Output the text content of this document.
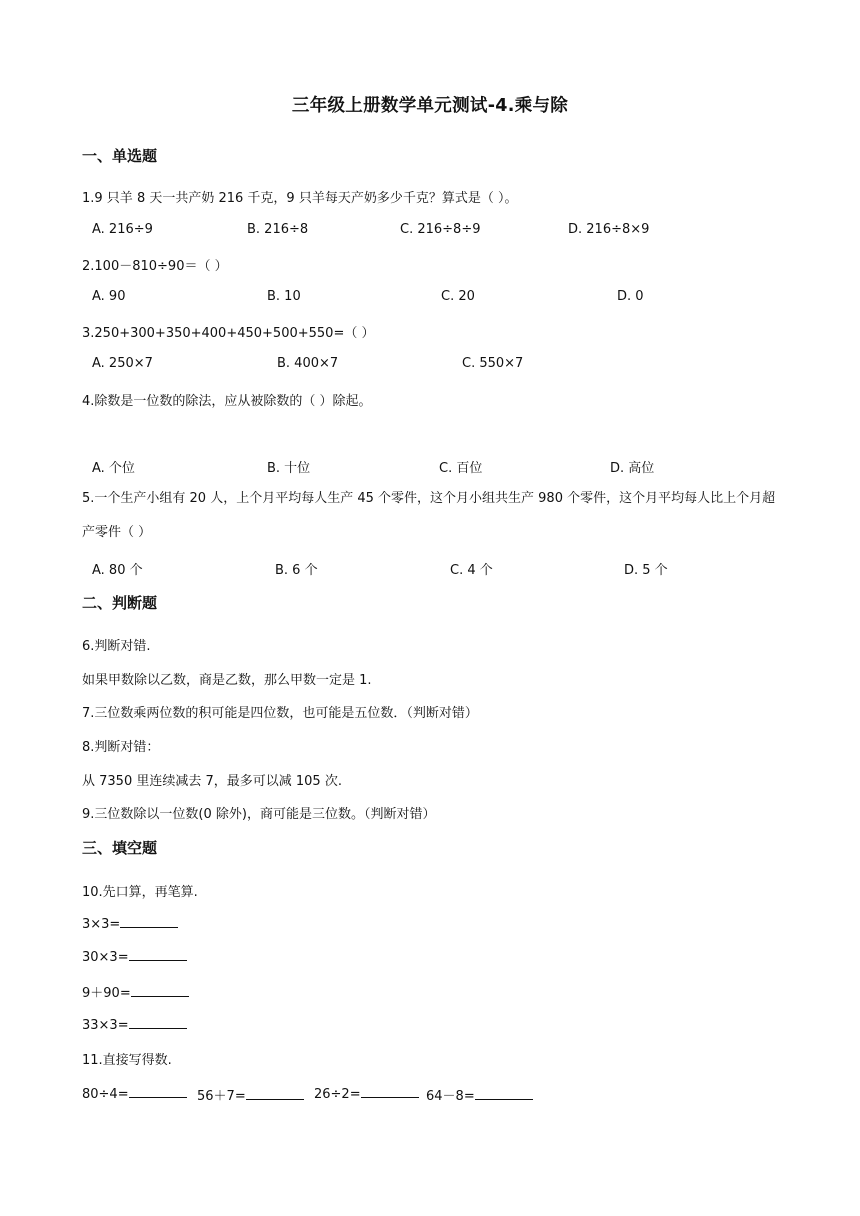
三年级上册数学单元测试-4.乘与除
一、单选题
1.9 只羊 8 天一共产奶 216 千克，9 只羊每天产奶多少千克？算式是（ ）。
A. 216÷9	B. 216÷8	C. 216÷8÷9	D. 216÷8×9
2.100－810÷90＝（ ）
A. 90	B. 10	C. 20	D. 0
3.250+300+350+400+450+500+550=（ ）
A. 250×7	B. 400×7	C. 550×7
4.除数是一位数的除法，应从被除数的（ ）除起。
A. 个位	B. 十位	C. 百位	D. 高位
5.一个生产小组有 20 人，上个月平均每人生产 45 个零件，这个月小组共生产 980 个零件，这个月平均每人比上个月超产零件（ ）
A. 80 个	B. 6 个	C. 4 个	D. 5 个
二、判断题
6.判断对错.
如果甲数除以乙数，商是乙数，那么甲数一定是 1.
7.三位数乘两位数的积可能是四位数，也可能是五位数．（判断对错）
8.判断对错：
从 7350 里连续减去 7，最多可以减 105 次.
9.三位数除以一位数(0 除外)，商可能是三位数。（判断对错）
三、填空题
10.先口算，再笔算.
3×3=
30×3=
9＋90=
33×3=
11.直接写得数.
80÷4=	56＋7=	26÷2=	64－8=
